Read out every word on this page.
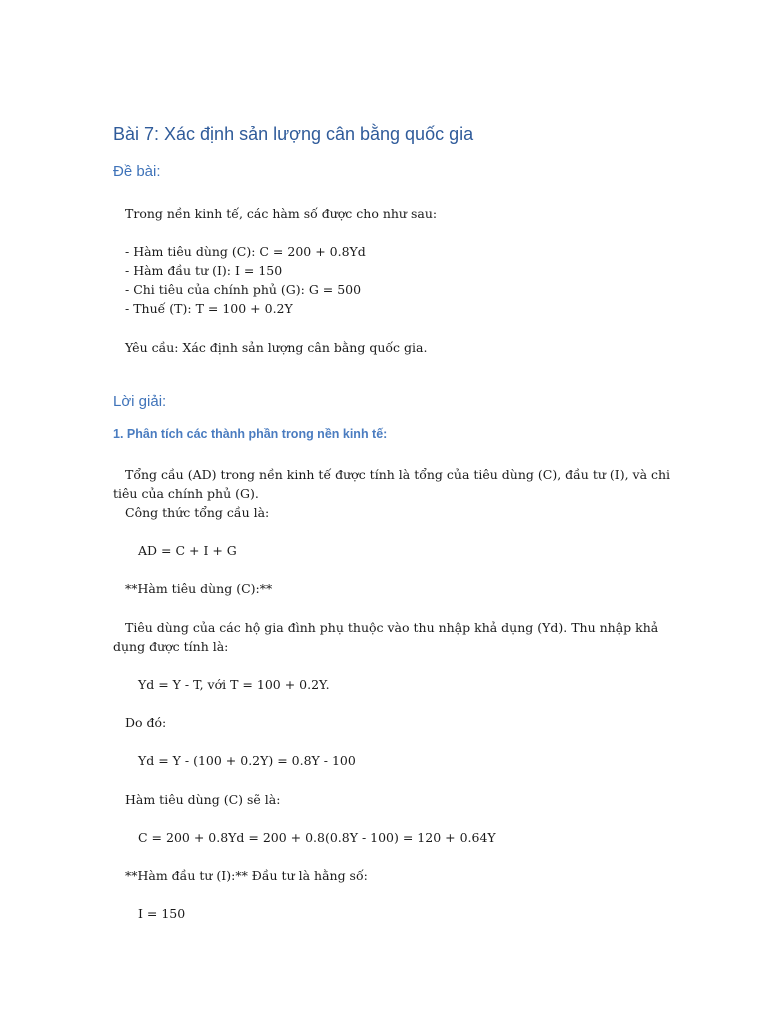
Bài 7: Xác định sản lượng cân bằng quốc gia
Đề bài:
Trong nền kinh tế, các hàm số được cho như sau:
- Hàm tiêu dùng (C): C = 200 + 0.8Yd
- Hàm đầu tư (I): I = 150
- Chi tiêu của chính phủ (G): G = 500
- Thuế (T): T = 100 + 0.2Y
Yêu cầu: Xác định sản lượng cân bằng quốc gia.
Lời giải:
1. Phân tích các thành phần trong nền kinh tế:
Tổng cầu (AD) trong nền kinh tế được tính là tổng của tiêu dùng (C), đầu tư (I), và chi
tiêu của chính phủ (G).
Công thức tổng cầu là:
AD = C + I + G
**Hàm tiêu dùng (C):**
Tiêu dùng của các hộ gia đình phụ thuộc vào thu nhập khả dụng (Yd). Thu nhập khả
dụng được tính là:
Yd = Y - T, với T = 100 + 0.2Y.
Do đó:
Yd = Y - (100 + 0.2Y) = 0.8Y - 100
Hàm tiêu dùng (C) sẽ là:
C = 200 + 0.8Yd = 200 + 0.8(0.8Y - 100) = 120 + 0.64Y
**Hàm đầu tư (I):** Đầu tư là hằng số:
I = 150
